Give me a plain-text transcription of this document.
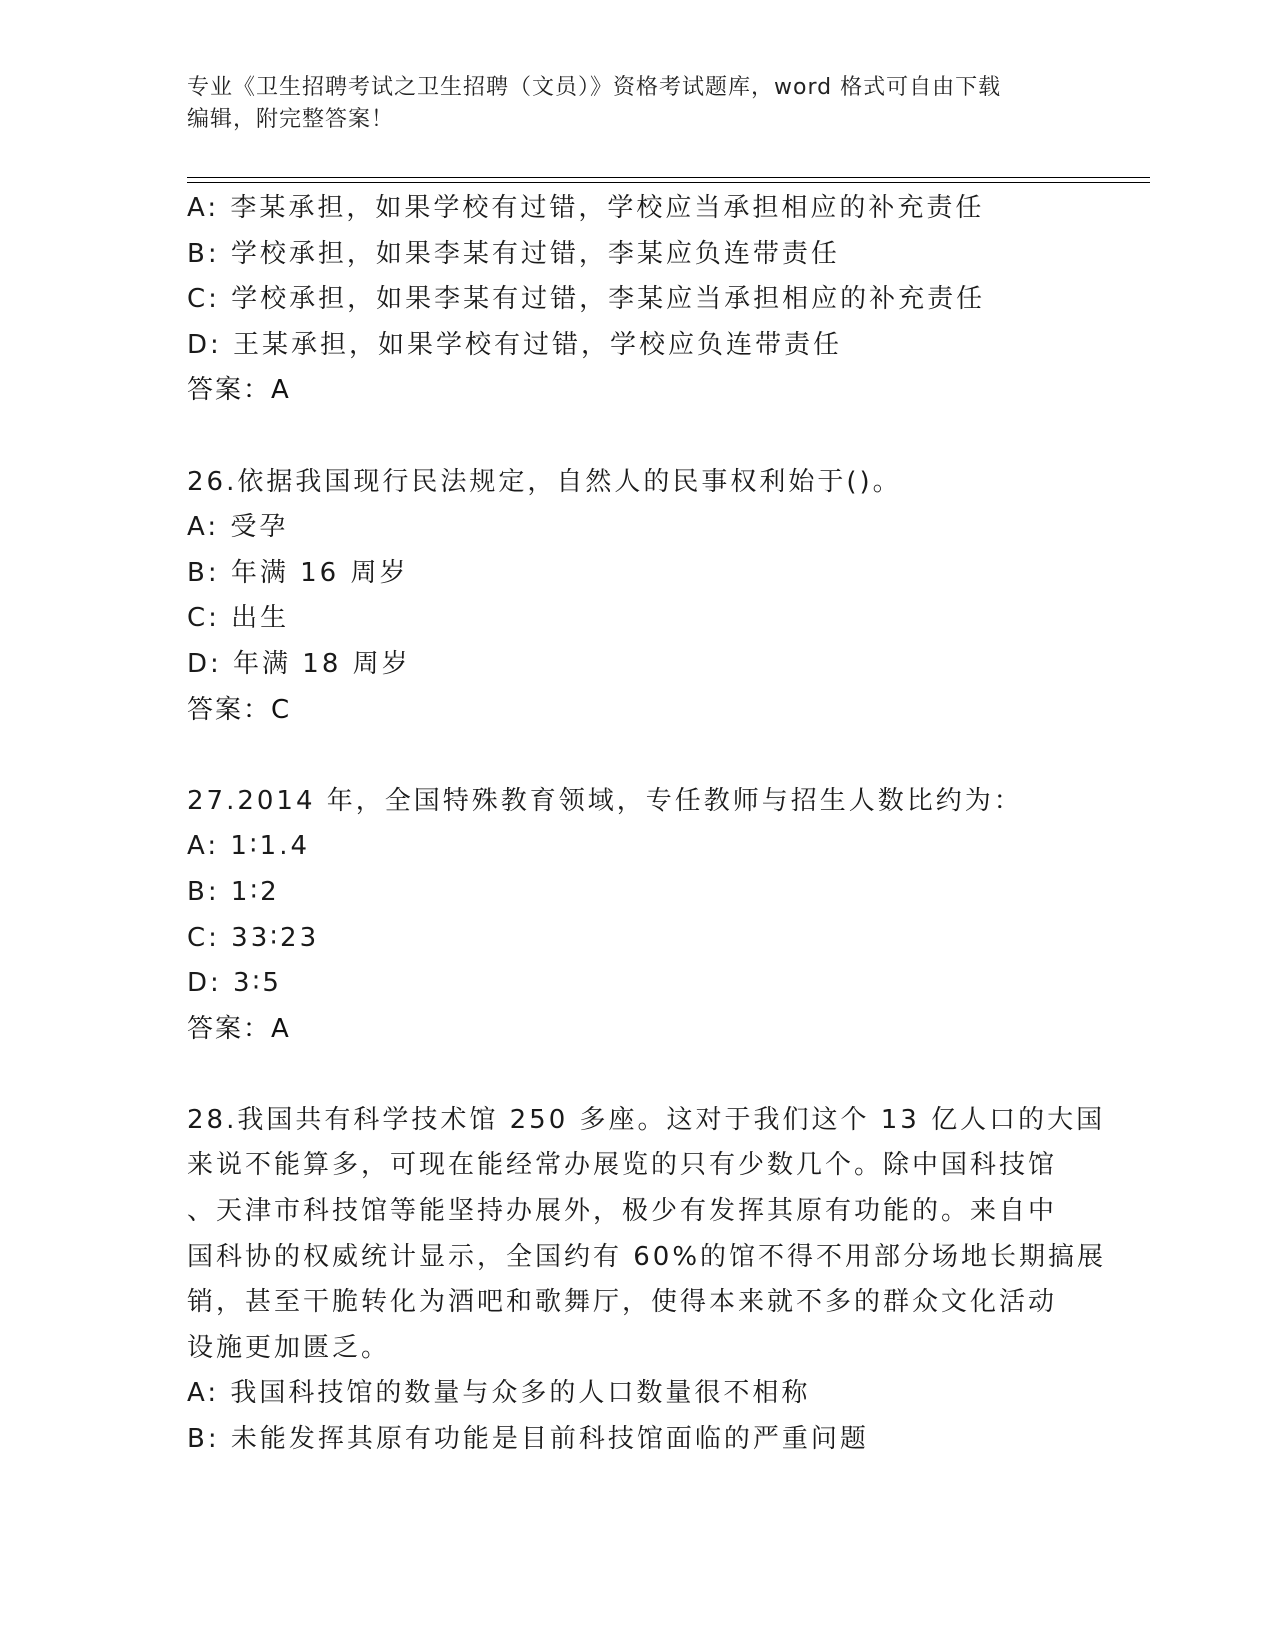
专业《卫生招聘考试之卫生招聘（文员）》资格考试题库，word 格式可自由下载
编辑，附完整答案！
A: 李某承担，如果学校有过错，学校应当承担相应的补充责任
B: 学校承担，如果李某有过错，李某应负连带责任
C: 学校承担，如果李某有过错，李某应当承担相应的补充责任
D: 王某承担，如果学校有过错，学校应负连带责任
答案：A
26.依据我国现行民法规定，自然人的民事权利始于()。
A: 受孕
B: 年满 16 周岁
C: 出生
D: 年满 18 周岁
答案：C
27.2014 年，全国特殊教育领域，专任教师与招生人数比约为：
A: 1∶1.4
B: 1∶2
C: 33∶23
D: 3∶5
答案：A
28.我国共有科学技术馆 250 多座。这对于我们这个 13 亿人口的大国
来说不能算多，可现在能经常办展览的只有少数几个。除中国科技馆
、天津市科技馆等能坚持办展外，极少有发挥其原有功能的。来自中
国科协的权威统计显示，全国约有 60%的馆不得不用部分场地长期搞展
销，甚至干脆转化为酒吧和歌舞厅，使得本来就不多的群众文化活动
设施更加匮乏。
A: 我国科技馆的数量与众多的人口数量很不相称
B: 未能发挥其原有功能是目前科技馆面临的严重问题
